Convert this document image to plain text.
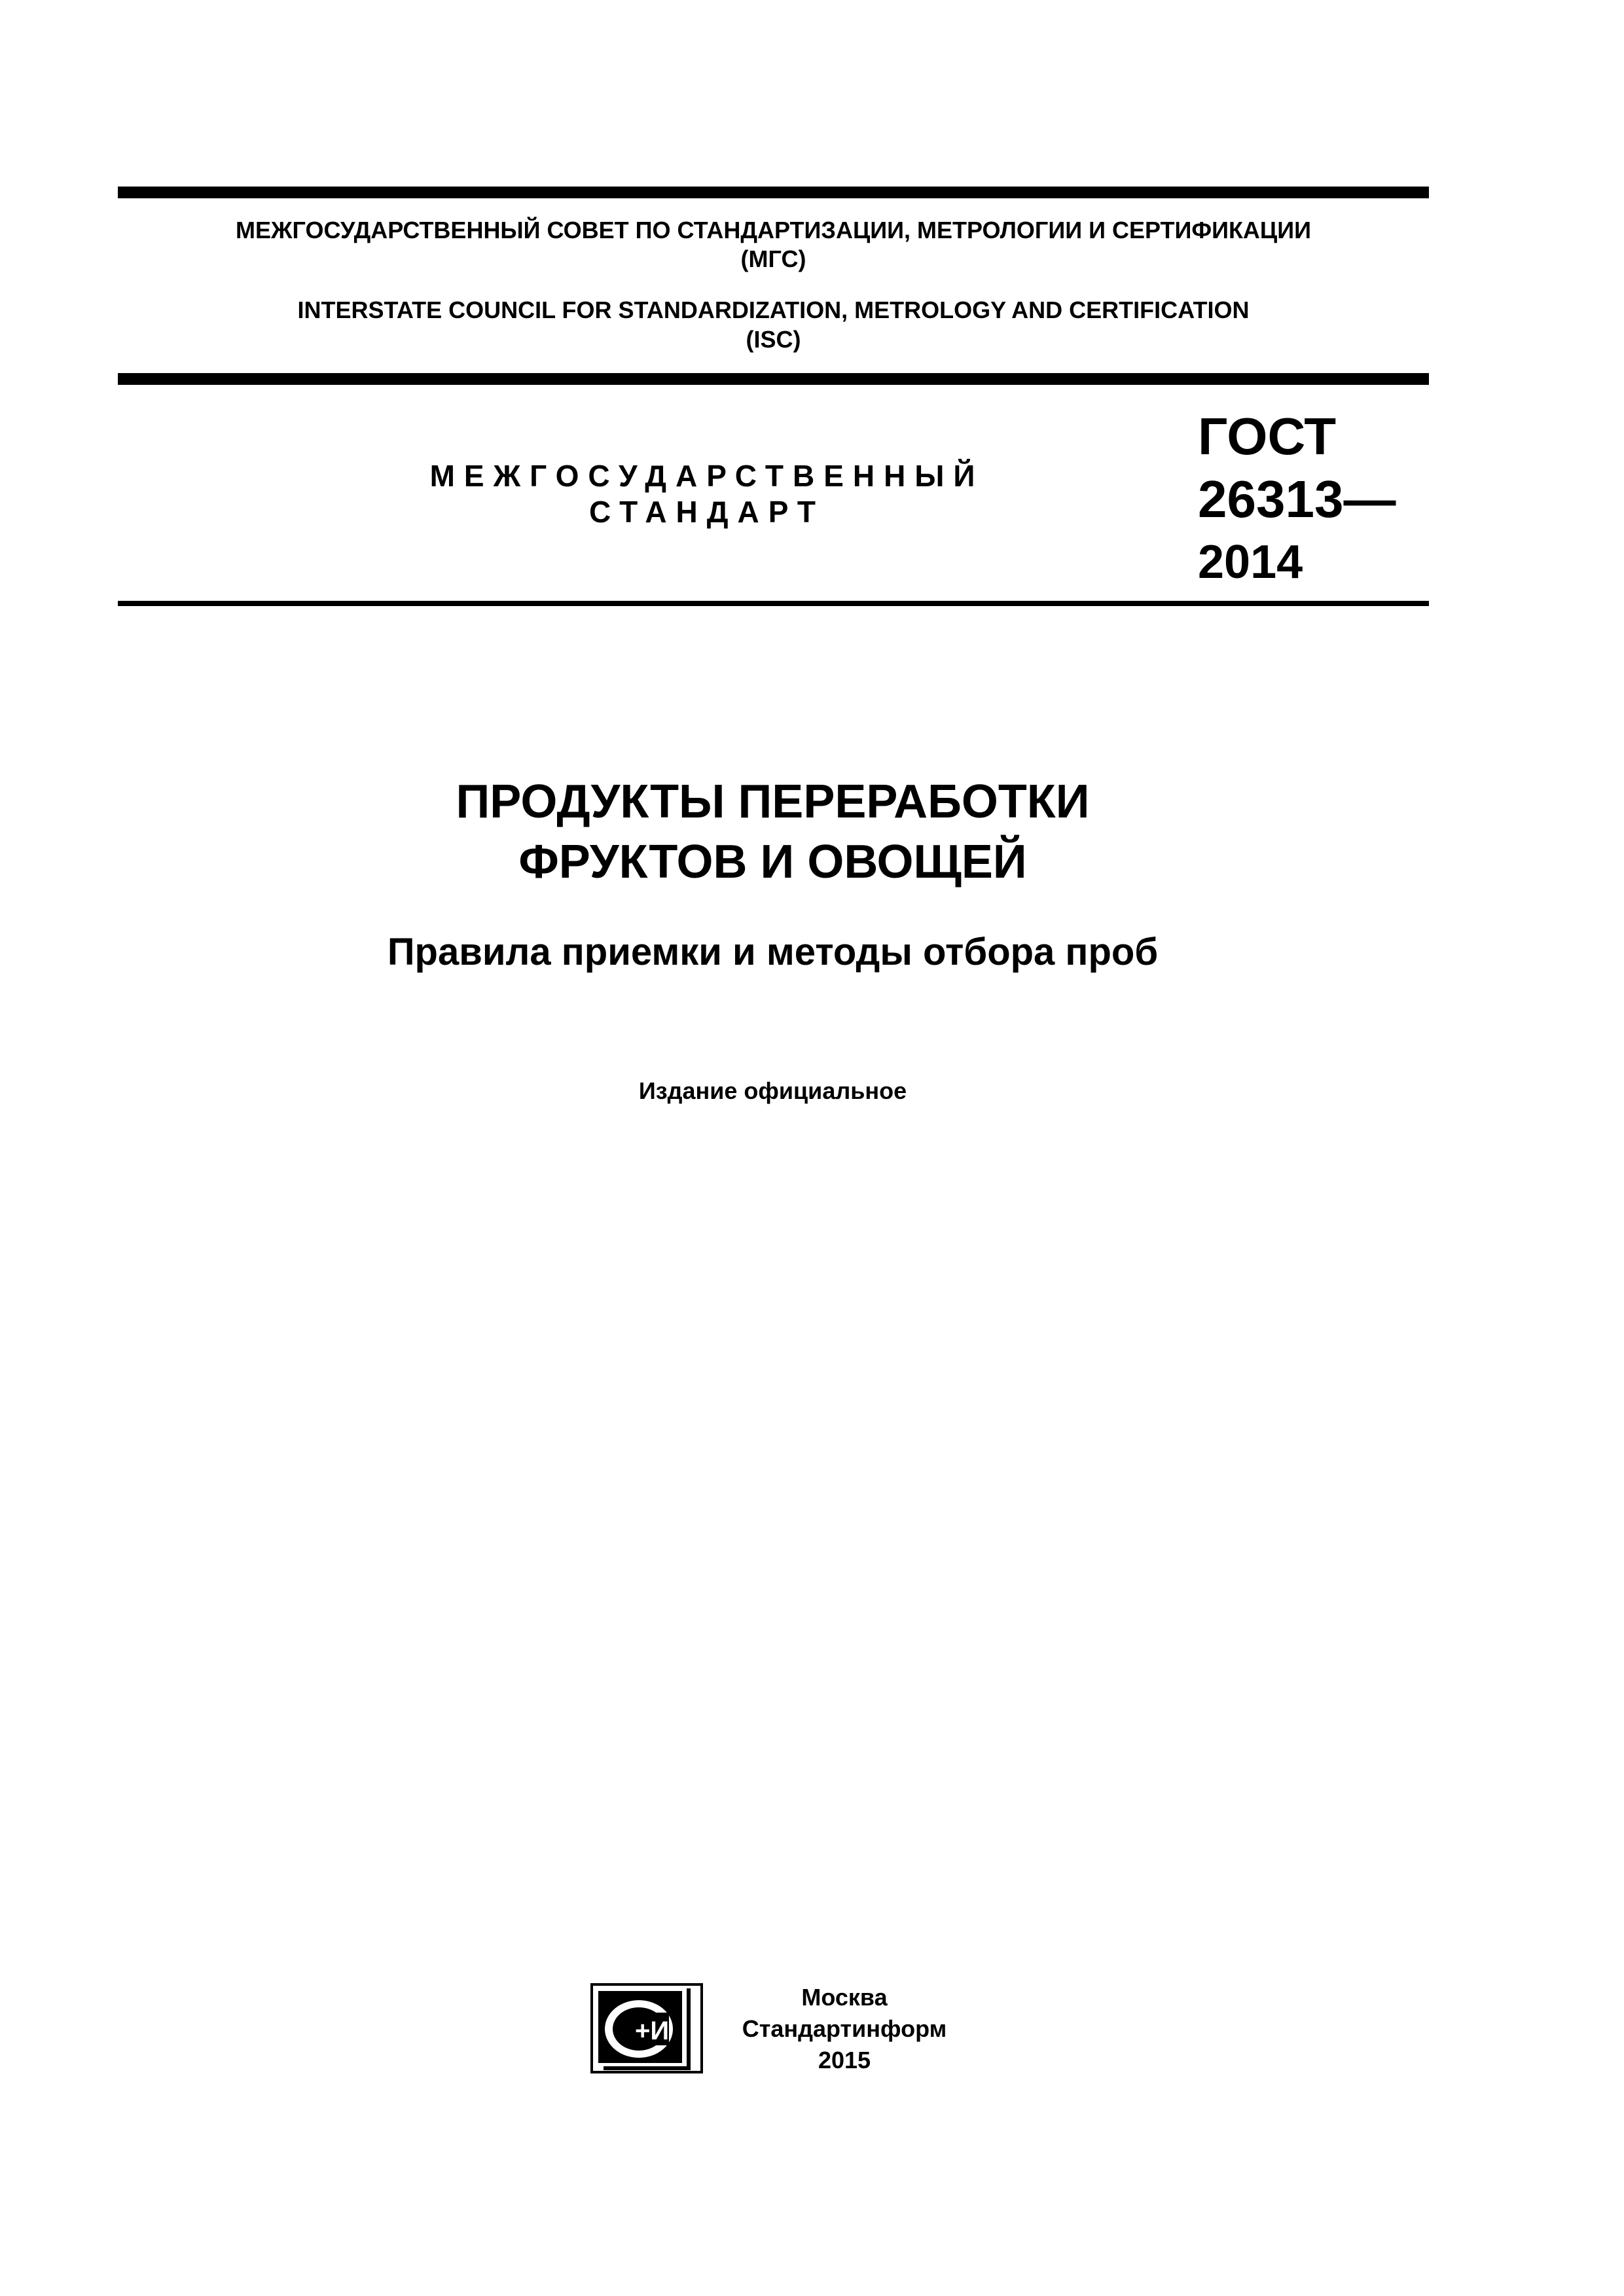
МЕЖГОСУДАРСТВЕННЫЙ СОВЕТ ПО СТАНДАРТИЗАЦИИ, МЕТРОЛОГИИ И СЕРТИФИКАЦИИ
(МГС)
INTERSTATE COUNCIL FOR STANDARDIZATION, METROLOGY AND CERTIFICATION
(ISC)
МЕЖГОСУДАРСТВЕННЫЙ
СТАНДАРТ
ГОСТ
26313—
2014
ПРОДУКТЫ ПЕРЕРАБОТКИ
ФРУКТОВ И ОВОЩЕЙ
Правила приемки и методы отбора проб
Издание официальное
+И
Москва
Стандартинформ
2015
